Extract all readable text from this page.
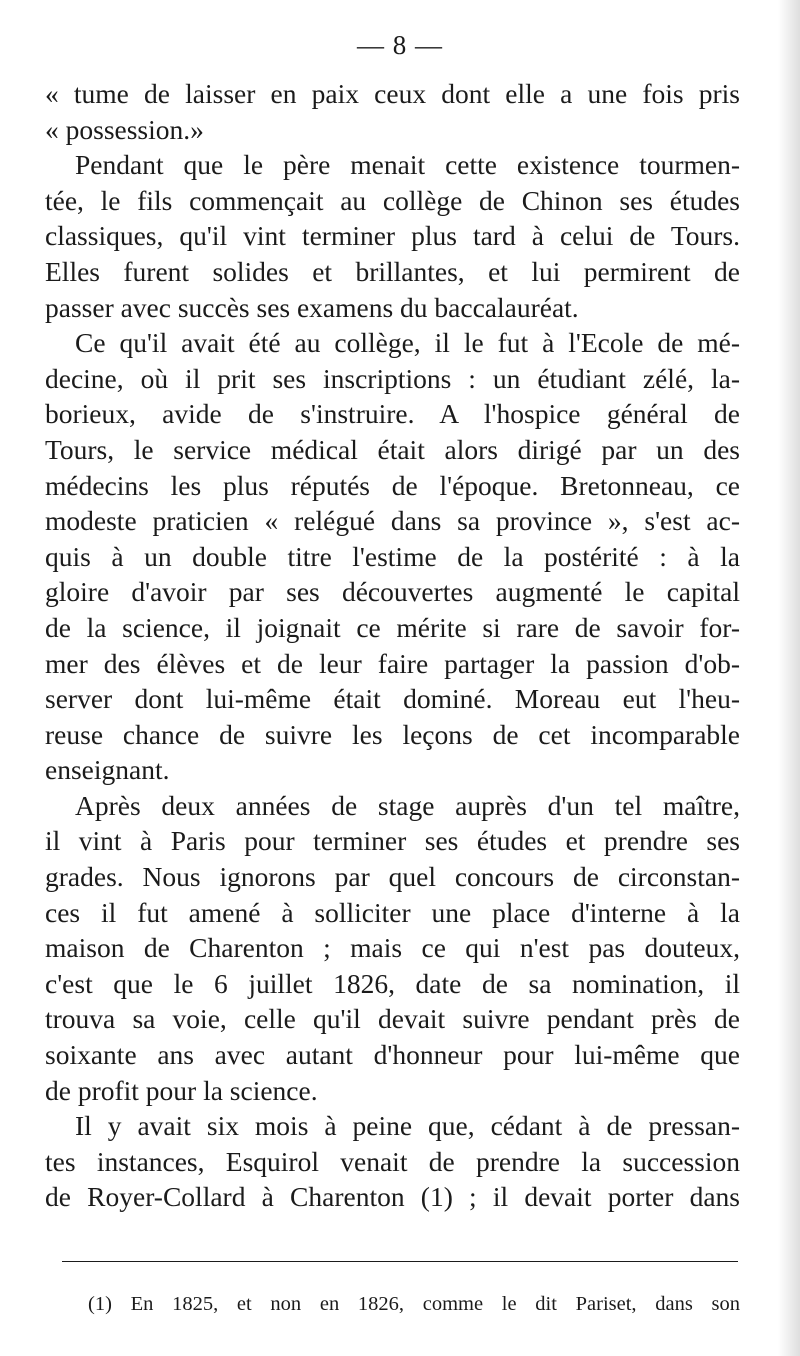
— 8 —
« tume de laisser en paix ceux dont elle a une fois pris
« possession.»
Pendant que le père menait cette existence tourmen-
tée, le fils commençait au collège de Chinon ses études
classiques, qu'il vint terminer plus tard à celui de Tours.
Elles furent solides et brillantes, et lui permirent de
passer avec succès ses examens du baccalauréat.
Ce qu'il avait été au collège, il le fut à l'Ecole de mé-
decine, où il prit ses inscriptions : un étudiant zélé, la-
borieux, avide de s'instruire. A l'hospice général de
Tours, le service médical était alors dirigé par un des
médecins les plus réputés de l'époque. Bretonneau, ce
modeste praticien « relégué dans sa province », s'est ac-
quis à un double titre l'estime de la postérité : à la
gloire d'avoir par ses découvertes augmenté le capital
de la science, il joignait ce mérite si rare de savoir for-
mer des élèves et de leur faire partager la passion d'ob-
server dont lui-même était dominé. Moreau eut l'heu-
reuse chance de suivre les leçons de cet incomparable
enseignant.
Après deux années de stage auprès d'un tel maître,
il vint à Paris pour terminer ses études et prendre ses
grades. Nous ignorons par quel concours de circonstan-
ces il fut amené à solliciter une place d'interne à la
maison de Charenton ; mais ce qui n'est pas douteux,
c'est que le 6 juillet 1826, date de sa nomination, il
trouva sa voie, celle qu'il devait suivre pendant près de
soixante ans avec autant d'honneur pour lui-même que
de profit pour la science.
Il y avait six mois à peine que, cédant à de pressan-
tes instances, Esquirol venait de prendre la succession
de Royer-Collard à Charenton (1) ; il devait porter dans
(1) En 1825, et non en 1826, comme le dit Pariset, dans son
